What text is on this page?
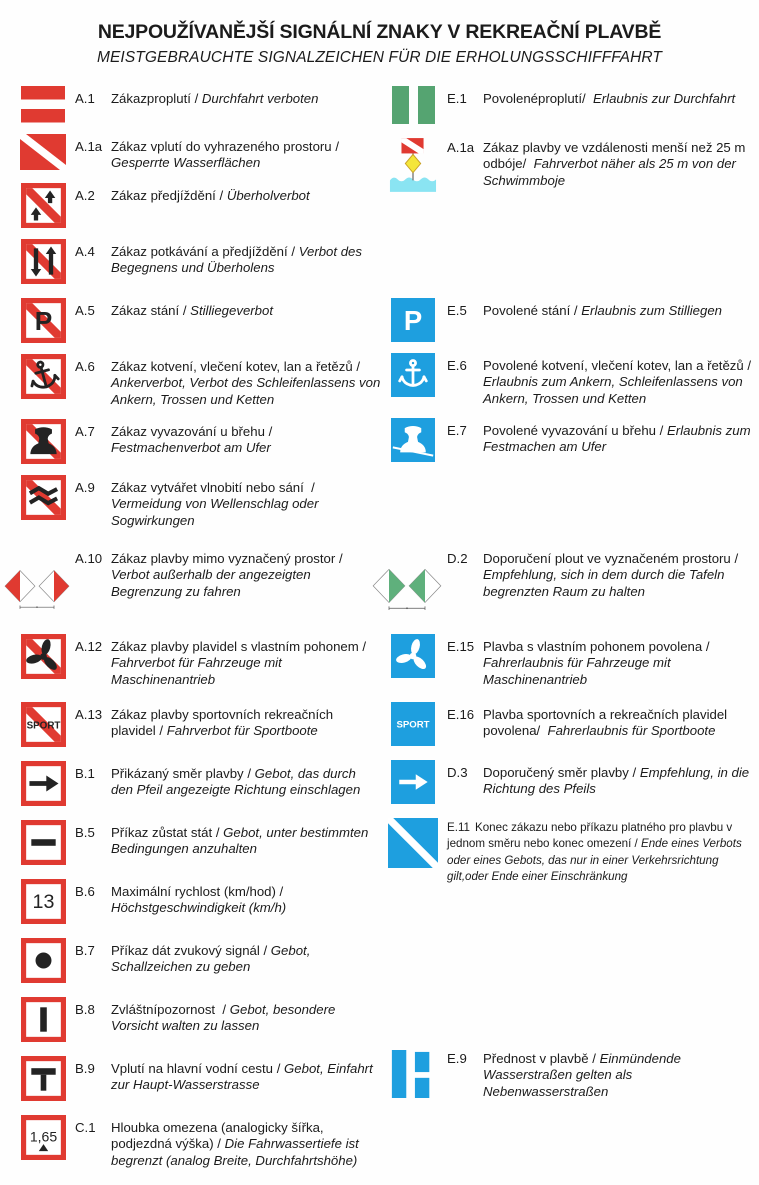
NEJPOUŽÍVANĚJŠÍ SIGNÁLNÍ ZNAKY V REKREAČNÍ PLAVBĚ
MEISTGEBRAUCHTE SIGNALZEICHEN FÜR DIE ERHOLUNGSSCHIFFFAHRT
A.1	Zákazproplutí / Durchfahrt verboten
A.1a Zákaz vplutí do vyhrazeného prostoru / Gesperrte Wasserflächen
A.2	Zákaz předjíždění / Überholverbot
A.4	Zákaz potkávání a předjíždění / Verbot des Begegnens und Überholens
P A.5	Zákaz stání / Stilliegeverbot
A.6	Zákaz kotvení, vlečení kotev, lan a řetězů / Ankerverbot, Verbot des Schleifenlassens von Ankern, Trossen und Ketten
A.7	Zákaz vyvazování u břehu / Festmachenverbot am Ufer
A.9	Zákaz vytvářet vlnobití nebo sání  / Vermeidung von Wellenschlag oder Sogwirkungen
A.10 Zákaz plavby mimo vyznačený prostor / Verbot außerhalb der angezeigten Begrenzung zu fahren
A.12 Zákaz plavby plavidel s vlastním pohonem / Fahrverbot für Fahrzeuge mit Maschinenantrieb
SPORT
A.13 Zákaz plavby sportovních rekreačních plavidel / Fahrverbot für Sportboote
B.1	Přikázaný směr plavby / Gebot, das durch den Pfeil angezeigte Richtung einschlagen
B.5	Příkaz zůstat stát / Gebot, unter bestimmten Bedingungen anzuhalten
13 B.6	Maximální rychlost (km/hod) / Höchstgeschwindigkeit (km/h)
B.7	Příkaz dát zvukový signál / Gebot, Schallzeichen zu geben
B.8	Zvláštnípozornost  / Gebot, besondere Vorsicht walten zu lassen
B.9	Vplutí na hlavní vodní cestu / Gebot, Einfahrt zur Haupt-Wasserstrasse
1,65
C.1	Hloubka omezena (analogicky šířka, podjezdná výška) / Die Fahrwassertiefe ist begrenzt (analog Breite, Durchfahrtshöhe)
E.1	Povolenéproplutí/  Erlaubnis zur Durchfahrt
A.1a Zákaz plavby ve vzdálenosti menší než 25 m odbóje/  Fahrverbot näher als 25 m von der Schwimmboje
P E.5	Povolené stání / Erlaubnis zum Stilliegen
E.6	Povolené kotvení, vlečení kotev, lan a řetězů / Erlaubnis zum Ankern, Schleifenlassens von Ankern, Trossen und Ketten
E.7	Povolené vyvazování u břehu / Erlaubnis zum Festmachen am Ufer
D.2	Doporučení plout ve vyznačeném prostoru / Empfehlung, sich in dem durch die Tafeln begrenzten Raum zu halten
E.15 Plavba s vlastním pohonem povolena / Fahrerlaubnis für Fahrzeuge mit Maschinenantrieb
SPORT
E.16 Plavba sportovních a rekreačních plavidel povolena/  Fahrerlaubnis für Sportboote
D.3	Doporučený směr plavby / Empfehlung, in die Richtung des Pfeils
E.11 Konec zákazu nebo příkazu platného pro plavbu v jednom směru nebo konec omezení / Ende eines Verbots oder eines Gebots, das nur in einer Verkehrsrichtung gilt,oder Ende einer Einschränkung
E.9	Přednost v plavbě / Einmündende Wasserstraßen gelten als Nebenwasserstraßen
